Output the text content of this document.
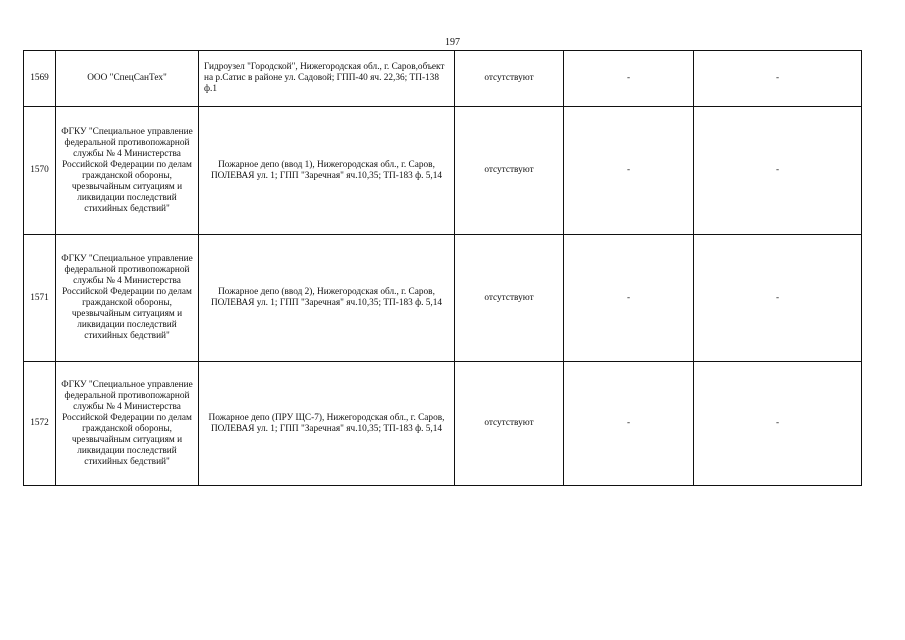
197
1569	ООО "СпецСанТех"	Гидроузел "Городской", Нижегородская обл., г. Саров,объект на р.Сатис в районе ул. Садовой; ГПП-40 яч. 22,36; ТП-138 ф.1	отсутствуют	-	-
1570	ФГКУ "Специальное управление федеральной противопожарной службы № 4 Министерства Российской Федерации по делам гражданской обороны, чрезвычайным ситуациям и ликвидации последствий стихийных бедствий"	Пожарное депо (ввод 1), Нижегородская обл., г. Саров, ПОЛЕВАЯ ул. 1; ГПП "Заречная" яч.10,35; ТП-183 ф. 5,14	отсутствуют	-	-
1571	ФГКУ "Специальное управление федеральной противопожарной службы № 4 Министерства Российской Федерации по делам гражданской обороны, чрезвычайным ситуациям и ликвидации последствий стихийных бедствий"	Пожарное депо (ввод 2), Нижегородская обл., г. Саров, ПОЛЕВАЯ ул. 1; ГПП "Заречная" яч.10,35; ТП-183 ф. 5,14	отсутствуют	-	-
1572	ФГКУ "Специальное управление федеральной противопожарной службы № 4 Министерства Российской Федерации по делам гражданской обороны, чрезвычайным ситуациям и ликвидации последствий стихийных бедствий"	Пожарное депо (ПРУ ЩС-7), Нижегородская обл., г. Саров, ПОЛЕВАЯ ул. 1; ГПП "Заречная" яч.10,35; ТП-183 ф. 5,14	отсутствуют	-	-
